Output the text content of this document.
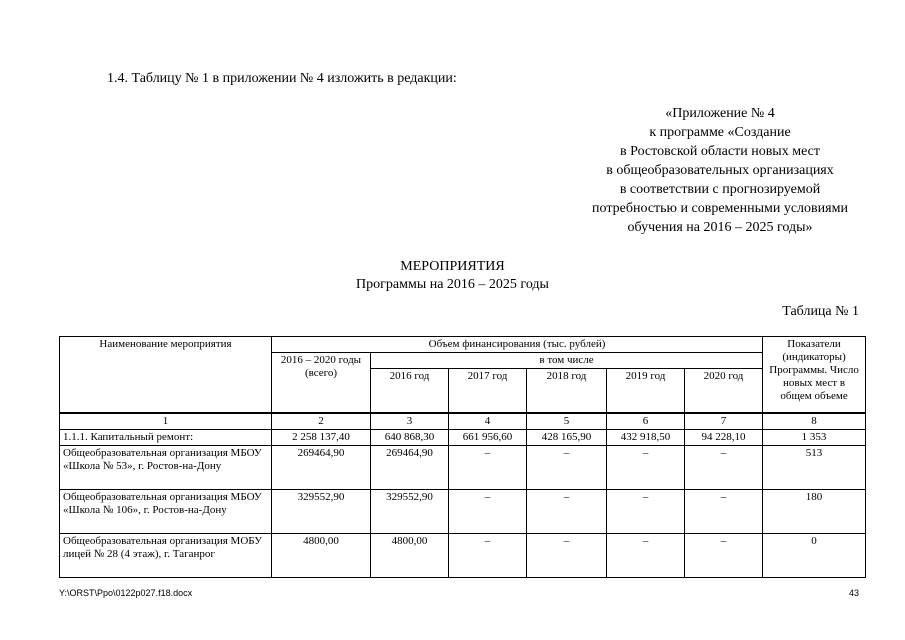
1.4. Таблицу № 1 в приложении № 4 изложить в редакции:
«Приложение № 4
к программе «Создание
в Ростовской области новых мест
в общеобразовательных организациях
в соответствии с прогнозируемой
потребностью и современными условиями
обучения на 2016 – 2025 годы»
МЕРОПРИЯТИЯ
Программы на 2016 – 2025 годы
Таблица № 1
Наименование мероприятия	Объем финансирования (тыс. рублей)						Показатели (индикаторы) Программы. Число новых мест в общем объеме
	2016 – 2020 годы (всего)	в том числе					
		2016 год	2017 год	2018 год	2019 год	2020 год	
1	2	3	4	5	6	7	8
1.1.1. Капитальный ремонт:	2 258 137,40	640 868,30	661 956,60	428 165,90	432 918,50	94 228,10	1 353
Общеобразовательная организация МБОУ «Школа № 53», г. Ростов-на-Дону	269464,90	269464,90	–	–	–	–	513
Общеобразовательная организация МБОУ «Школа № 106», г. Ростов-на-Дону	329552,90	329552,90	–	–	–	–	180
Общеобразовательная организация МОБУ лицей № 28 (4 этаж), г. Таганрог	4800,00	4800,00	–	–	–	–	0
Y:\ORST\Ppo\0122p027.f18.docx	43
